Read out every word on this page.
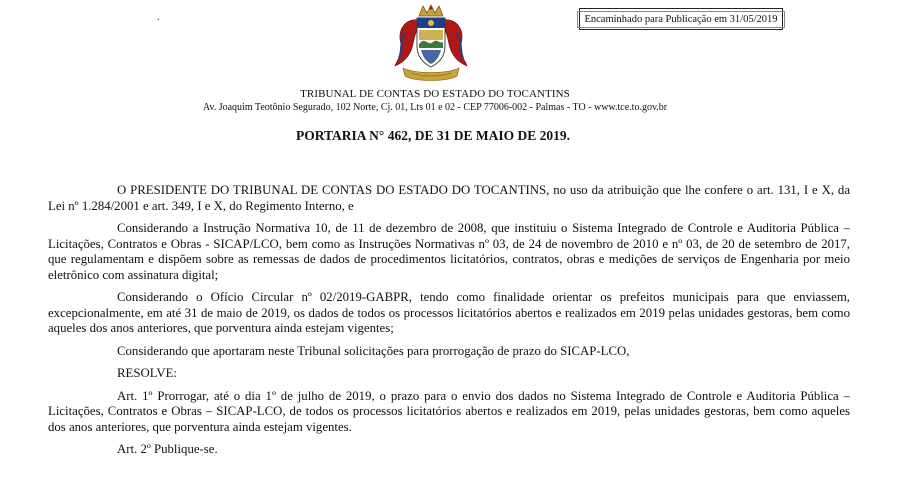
.	Encaminhado para Publicação em 31/05/2019
TRIBUNAL DE CONTAS DO ESTADO DO TOCANTINS
Av. Joaquim Teotônio Segurado, 102 Norte, Cj. 01, Lts 01 e 02 - CEP 77006-002 - Palmas - TO - www.tce.to.gov.br
PORTARIA N° 462, DE 31 DE MAIO DE 2019.

O PRESIDENTE DO TRIBUNAL DE CONTAS DO ESTADO DO TOCANTINS, no uso da atribuição que lhe confere o art. 131, I e X, da Lei nº 1.284/2001 e art. 349, I e X, do Regimento Interno, e

Considerando a Instrução Normativa 10, de 11 de dezembro de 2008, que instituiu o Sistema Integrado de Controle e Auditoria Pública – Licitações, Contratos e Obras - SICAP/LCO, bem como as Instruções Normativas nº 03, de 24 de novembro de 2010 e nº 03, de 20 de setembro de 2017, que regulamentam e dispõem sobre as remessas de dados de procedimentos licitatórios, contratos, obras e medições de serviços de Engenharia por meio eletrônico com assinatura digital;

Considerando o Ofício Circular nº 02/2019-GABPR, tendo como finalidade orientar os prefeitos municipais para que enviassem, excepcionalmente, em até 31 de maio de 2019, os dados de todos os processos licitatórios abertos e realizados em 2019 pelas unidades gestoras, bem como aqueles dos anos anteriores, que porventura ainda estejam vigentes;

Considerando que aportaram neste Tribunal solicitações para prorrogação de prazo do SICAP-LCO,

RESOLVE:

Art. 1º Prorrogar, até o dia 1º de julho de 2019, o prazo para o envio dos dados no Sistema Integrado de Controle e Auditoria Pública – Licitações, Contratos e Obras – SICAP-LCO, de todos os processos licitatórios abertos e realizados em 2019, pelas unidades gestoras, bem como aqueles dos anos anteriores, que porventura ainda estejam vigentes.

Art. 2º Publique-se.
